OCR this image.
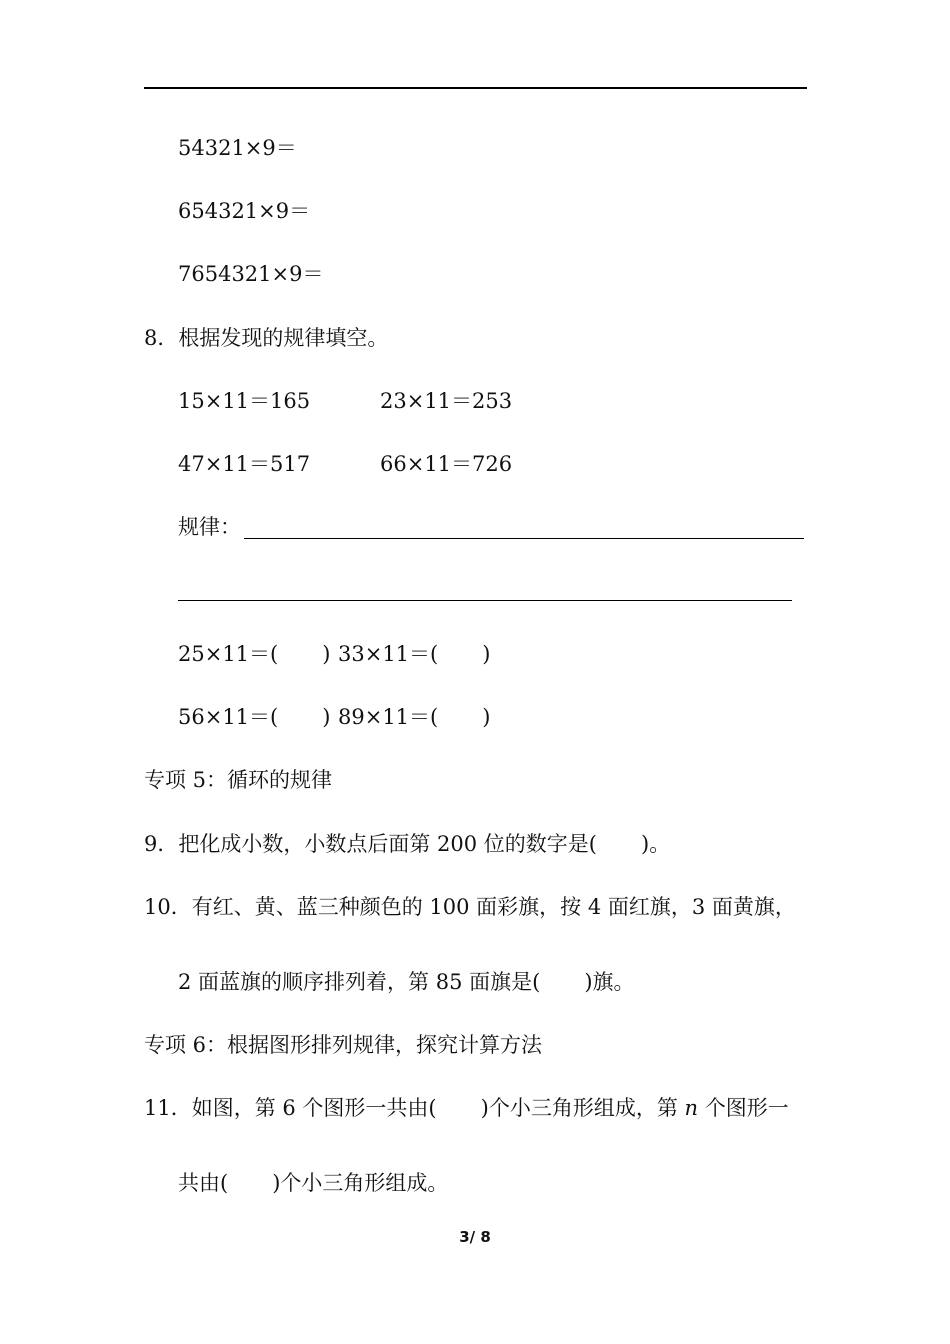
54321×9＝
654321×9＝
7654321×9＝
8．根据发现的规律填空。
15×11＝165	23×11＝253
47×11＝517	66×11＝726
规律：
25×11＝( ) 33×11＝( )
56×11＝( ) 89×11＝( )
专项 5：循环的规律
9．把化成小数，小数点后面第 200 位的数字是( )。
10．有红、黄、蓝三种颜色的 100 面彩旗，按 4 面红旗，3 面黄旗，
2 面蓝旗的顺序排列着，第 85 面旗是( )旗。
专项 6：根据图形排列规律，探究计算方法
11．如图，第 6 个图形一共由( )个小三角形组成，第 n 个图形一
共由( )个小三角形组成。
3/ 8
